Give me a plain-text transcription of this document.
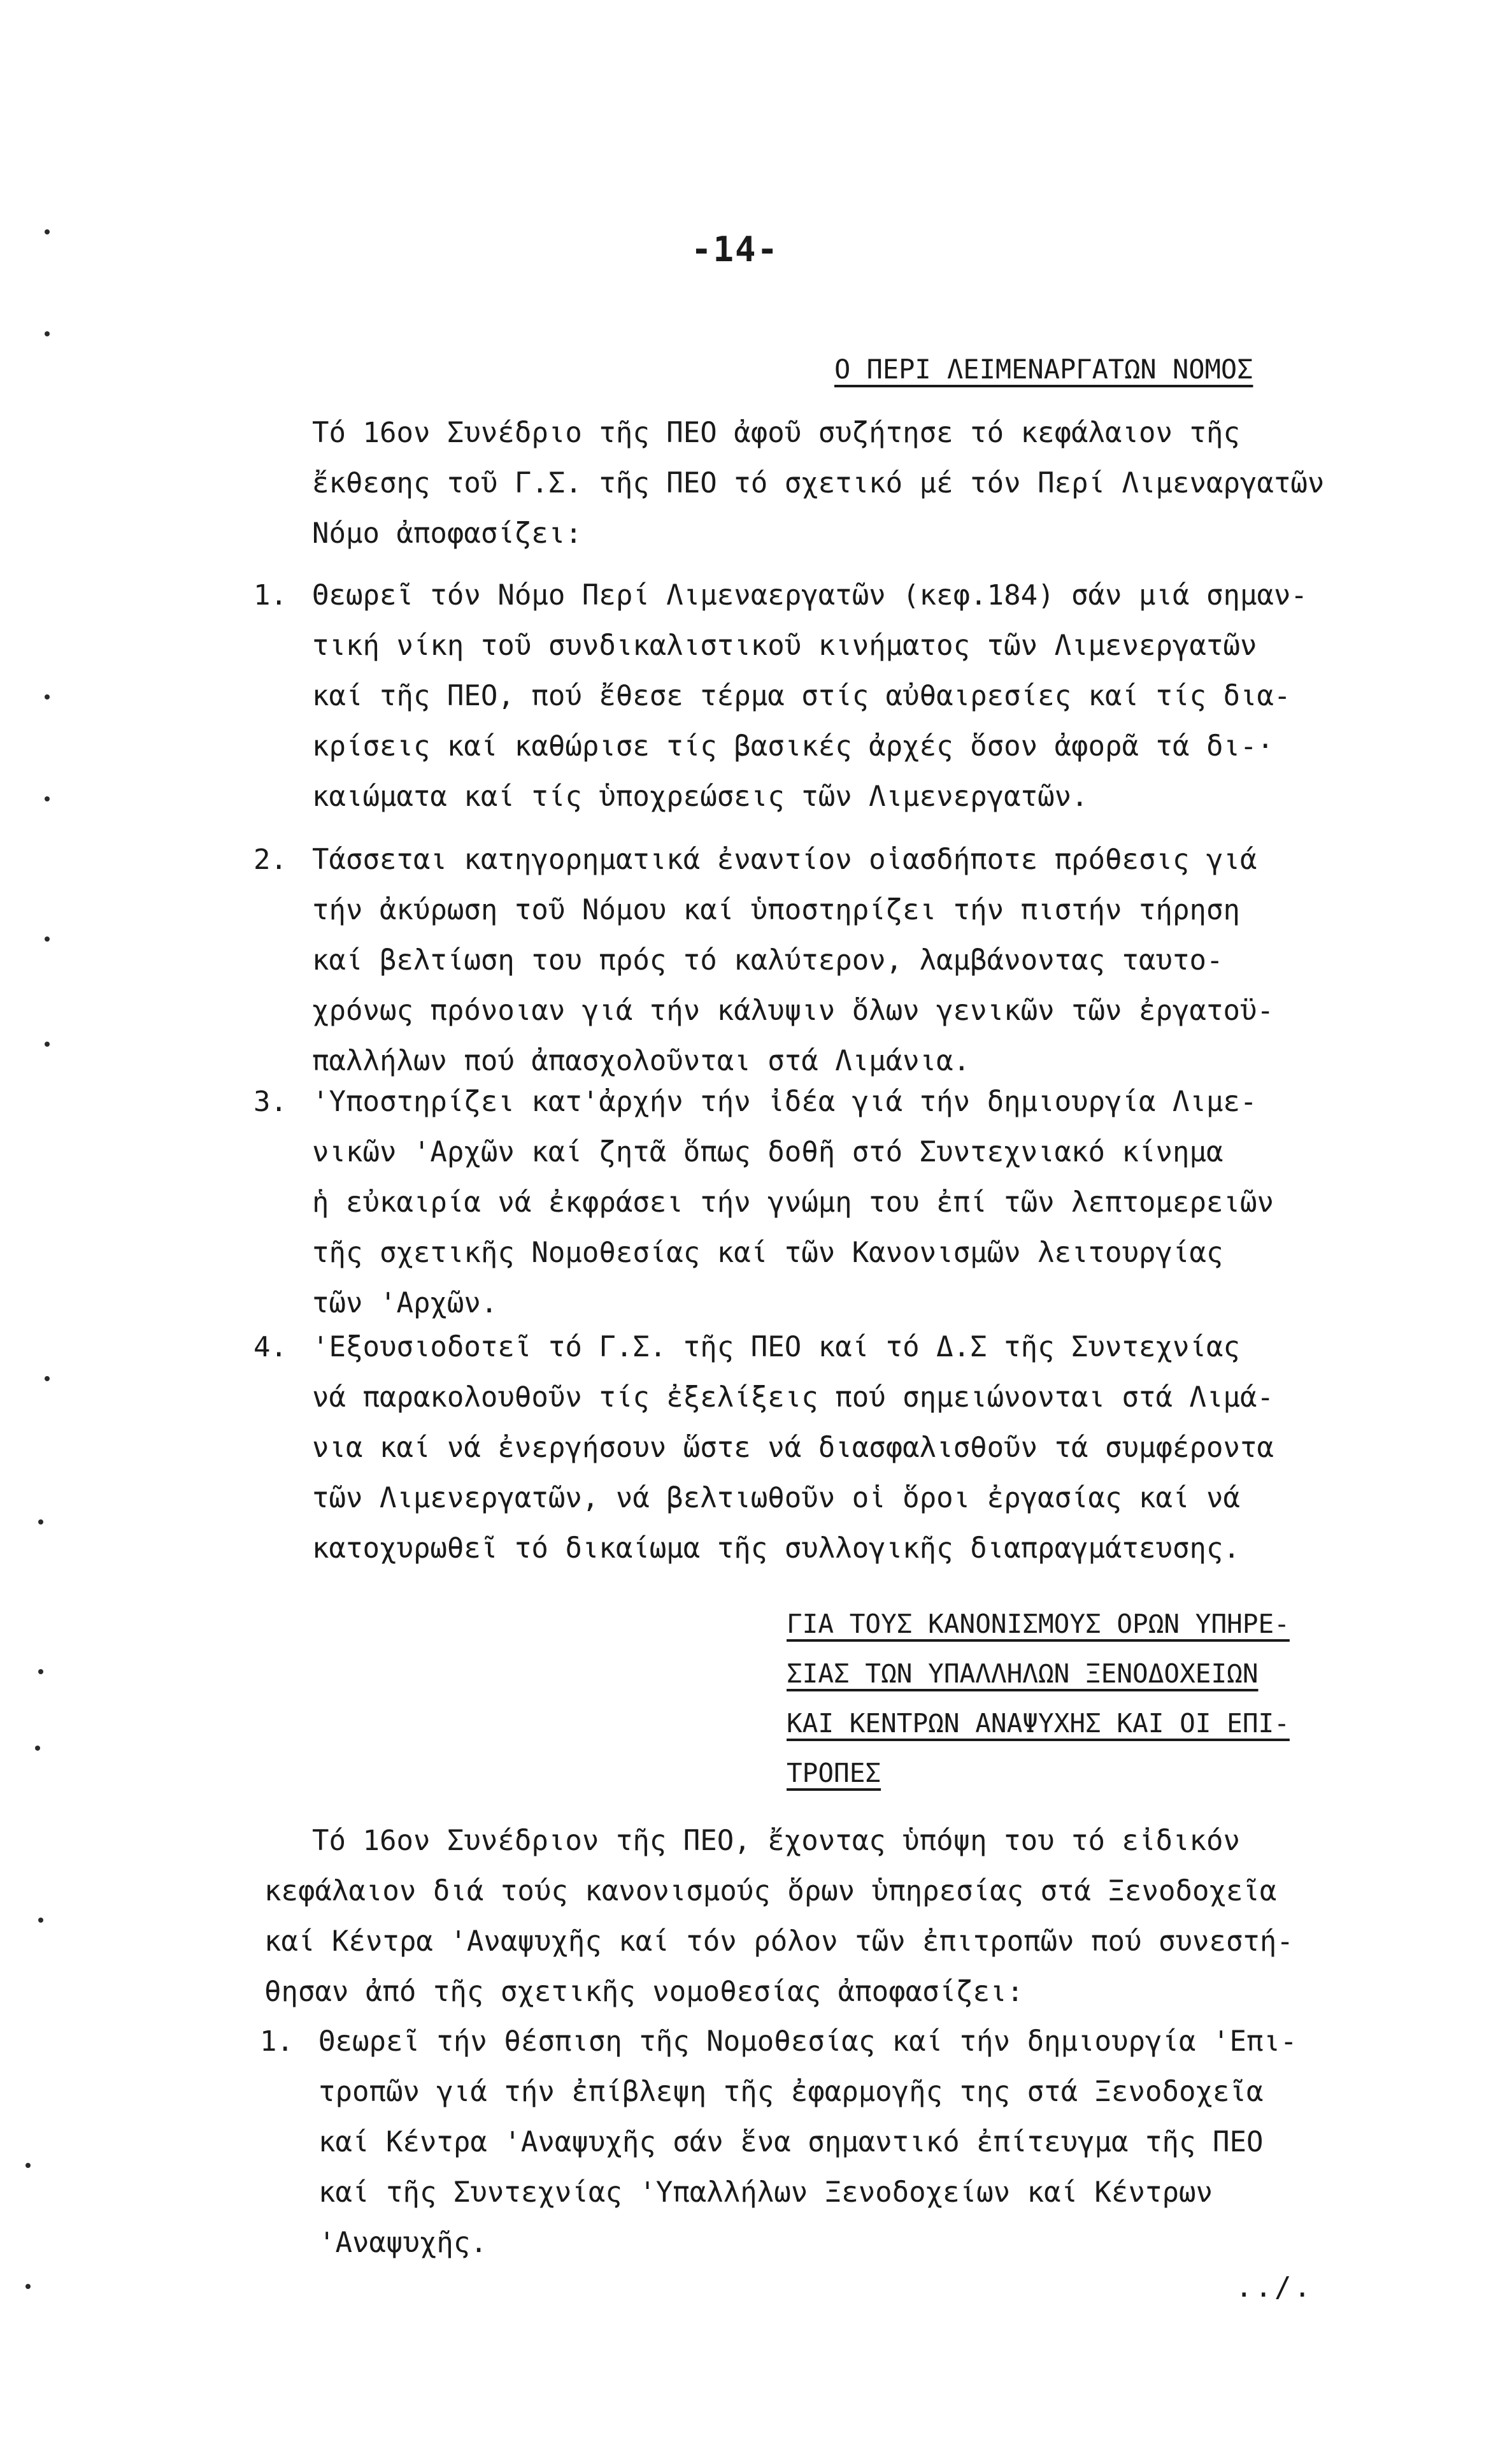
-14-
Ο ΠΕΡΙ ΛΕΙΜΕΝΑΡΓΑΤΩΝ ΝΟΜΟΣ
Τό 16ον Συνέδριο τῆς ΠΕΟ ἀφοῦ συζήτησε τό κεφάλαιον τῆς
ἔκθεσης τοῦ Γ.Σ. τῆς ΠΕΟ τό σχετικό μέ τόν Περί Λιμεναργατῶν
Νόμο ἀποφασίζει:
1. Θεωρεῖ τόν Νόμο Περί Λιμεναεργατῶν (κεφ.184) σάν μιά σημαν-
τική νίκη τοῦ συνδικαλιστικοῦ κινήματος τῶν Λιμενεργατῶν
καί τῆς ΠΕΟ, πού ἔθεσε τέρμα στίς αὐθαιρεσίες καί τίς δια-
κρίσεις καί καθώρισε τίς βασικές ἀρχές ὅσον ἀφορᾶ τά δι-·
καιώματα καί τίς ὑποχρεώσεις τῶν Λιμενεργατῶν.
2. Τάσσεται κατηγορηματικά ἐναντίον οἱασδήποτε πρόθεσις γιά
τήν ἀκύρωση τοῦ Νόμου καί ὑποστηρίζει τήν πιστήν τήρηση
καί βελτίωση του πρός τό καλύτερον, λαμβάνοντας ταυτο-
χρόνως πρόνοιαν γιά τήν κάλυψιν ὅλων γενικῶν τῶν ἐργατοϋ-
παλλήλων πού ἀπασχολοῦνται στά Λιμάνια.
3. 'Υποστηρίζει κατ'ἀρχήν τήν ἰδέα γιά τήν δημιουργία Λιμε-
νικῶν 'Αρχῶν καί ζητᾶ ὅπως δοθῆ στό Συντεχνιακό κίνημα
ἡ εὐκαιρία νά ἐκφράσει τήν γνώμη του ἐπί τῶν λεπτομερειῶν
τῆς σχετικῆς Νομοθεσίας καί τῶν Κανονισμῶν λειτουργίας
τῶν 'Αρχῶν.
4. 'Εξουσιοδοτεῖ τό Γ.Σ. τῆς ΠΕΟ καί τό Δ.Σ τῆς Συντεχνίας
νά παρακολουθοῦν τίς ἐξελίξεις πού σημειώνονται στά Λιμά-
νια καί νά ἐνεργήσουν ὥστε νά διασφαλισθοῦν τά συμφέροντα
τῶν Λιμενεργατῶν, νά βελτιωθοῦν οἱ ὅροι ἐργασίας καί νά
κατοχυρωθεῖ τό δικαίωμα τῆς συλλογικῆς διαπραγμάτευσης.
ΓΙΑ ΤΟΥΣ ΚΑΝΟΝΙΣΜΟΥΣ ΟΡΩΝ ΥΠΗΡΕ-
ΣΙΑΣ ΤΩΝ ΥΠΑΛΛΗΛΩΝ ΞΕΝΟΔΟΧΕΙΩΝ
ΚΑΙ ΚΕΝΤΡΩΝ ΑΝΑΨΥΧΗΣ ΚΑΙ ΟΙ ΕΠΙ-
ΤΡΟΠΕΣ
Τό 16ον Συνέδριον τῆς ΠΕΟ, ἔχοντας ὑπόψη του τό εἰδικόν
κεφάλαιον διά τούς κανονισμούς ὅρων ὑπηρεσίας στά Ξενοδοχεῖα
καί Κέντρα 'Αναψυχῆς καί τόν ρόλον τῶν ἐπιτροπῶν πού συνεστή-
θησαν ἀπό τῆς σχετικῆς νομοθεσίας ἀποφασίζει:
1. Θεωρεῖ τήν θέσπιση τῆς Νομοθεσίας καί τήν δημιουργία 'Επι-
τροπῶν γιά τήν ἐπίβλεψη τῆς ἐφαρμογῆς της στά Ξενοδοχεῖα
καί Κέντρα 'Αναψυχῆς σάν ἕνα σημαντικό ἐπίτευγμα τῆς ΠΕΟ
καί τῆς Συντεχνίας 'Υπαλλήλων Ξενοδοχείων καί Κέντρων
'Αναψυχῆς.
../.
